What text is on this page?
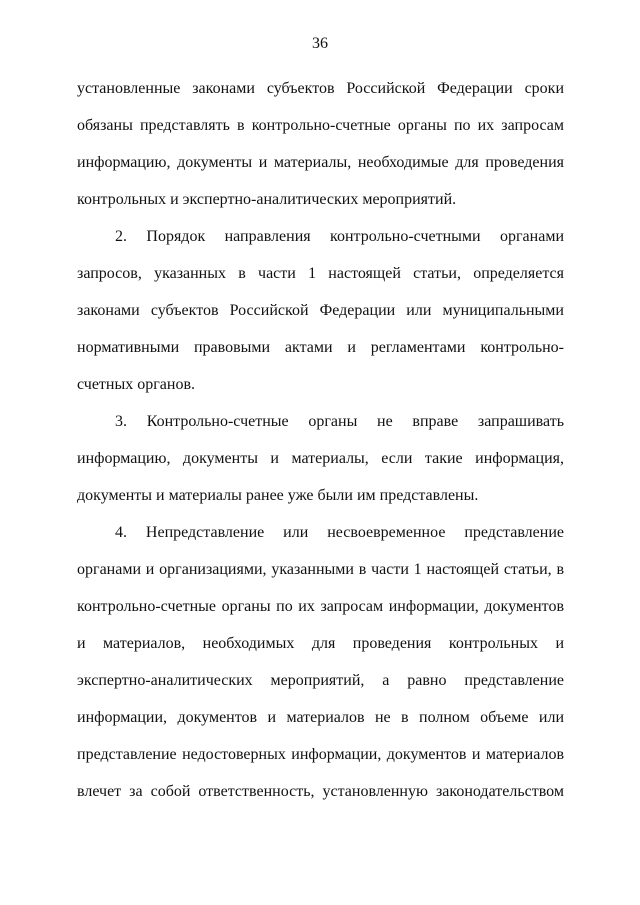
36
установленные законами субъектов Российской Федерации сроки
обязаны представлять в контрольно-счетные органы по их запросам
информацию, документы и материалы, необходимые для проведения
контрольных и экспертно-аналитических мероприятий.
2. Порядок направления контрольно-счетными органами
запросов, указанных в части 1 настоящей статьи, определяется
законами субъектов Российской Федерации или муниципальными
нормативными правовыми актами и регламентами контрольно-
счетных органов.
3. Контрольно-счетные органы не вправе запрашивать
информацию, документы и материалы, если такие информация,
документы и материалы ранее уже были им представлены.
4. Непредставление или несвоевременное представление
органами и организациями, указанными в части 1 настоящей статьи, в
контрольно-счетные органы по их запросам информации, документов
и материалов, необходимых для проведения контрольных и
экспертно-аналитических мероприятий, а равно представление
информации, документов и материалов не в полном объеме или
представление недостоверных информации, документов и материалов
влечет за собой ответственность, установленную законодательством
